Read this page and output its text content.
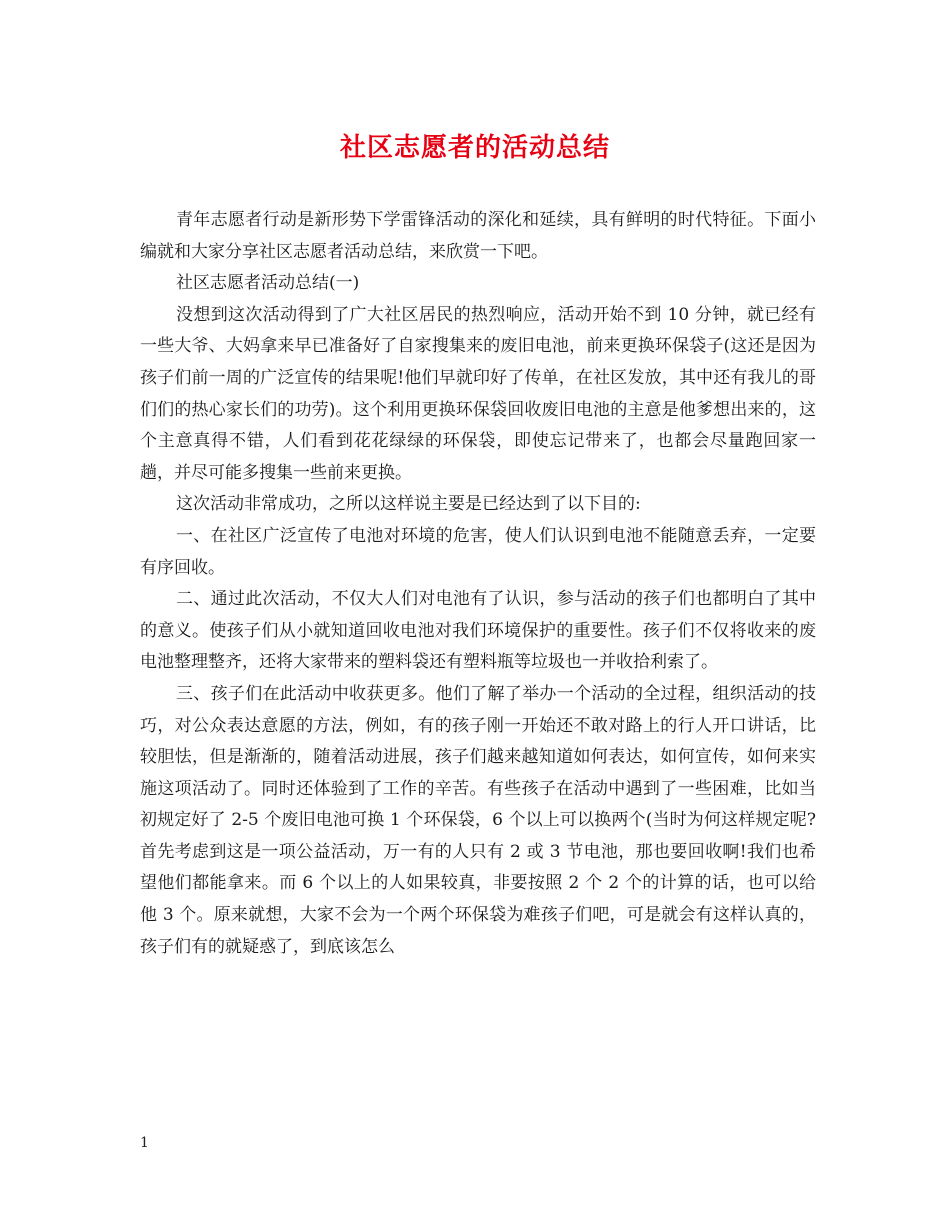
社区志愿者的活动总结

青年志愿者行动是新形势下学雷锋活动的深化和延续，具有鲜明的时代特征。下面小编就和大家分享社区志愿者活动总结，来欣赏一下吧。

社区志愿者活动总结(一)

没想到这次活动得到了广大社区居民的热烈响应，活动开始不到 10 分钟，就已经有一些大爷、大妈拿来早已准备好了自家搜集来的废旧电池，前来更换环保袋子(这还是因为孩子们前一周的广泛宣传的结果呢!他们早就印好了传单，在社区发放，其中还有我儿的哥们们的热心家长们的功劳)。这个利用更换环保袋回收废旧电池的主意是他爹想出来的，这个主意真得不错，人们看到花花绿绿的环保袋，即使忘记带来了，也都会尽量跑回家一趟，并尽可能多搜集一些前来更换。

这次活动非常成功，之所以这样说主要是已经达到了以下目的:

一、在社区广泛宣传了电池对环境的危害，使人们认识到电池不能随意丢弃，一定要有序回收。

二、通过此次活动，不仅大人们对电池有了认识，参与活动的孩子们也都明白了其中的意义。使孩子们从小就知道回收电池对我们环境保护的重要性。孩子们不仅将收来的废电池整理整齐，还将大家带来的塑料袋还有塑料瓶等垃圾也一并收拾利索了。

三、孩子们在此活动中收获更多。他们了解了举办一个活动的全过程，组织活动的技巧，对公众表达意愿的方法，例如，有的孩子刚一开始还不敢对路上的行人开口讲话，比较胆怯，但是渐渐的，随着活动进展，孩子们越来越知道如何表达，如何宣传，如何来实施这项活动了。同时还体验到了工作的辛苦。有些孩子在活动中遇到了一些困难，比如当初规定好了 2-5 个废旧电池可换 1 个环保袋，6 个以上可以换两个(当时为何这样规定呢?首先考虑到这是一项公益活动，万一有的人只有 2 或 3 节电池，那也要回收啊!我们也希望他们都能拿来。而 6 个以上的人如果较真，非要按照 2 个 2 个的计算的话，也可以给他 3 个。原来就想，大家不会为一个两个环保袋为难孩子们吧，可是就会有这样认真的，孩子们有的就疑惑了，到底该怎么

1
